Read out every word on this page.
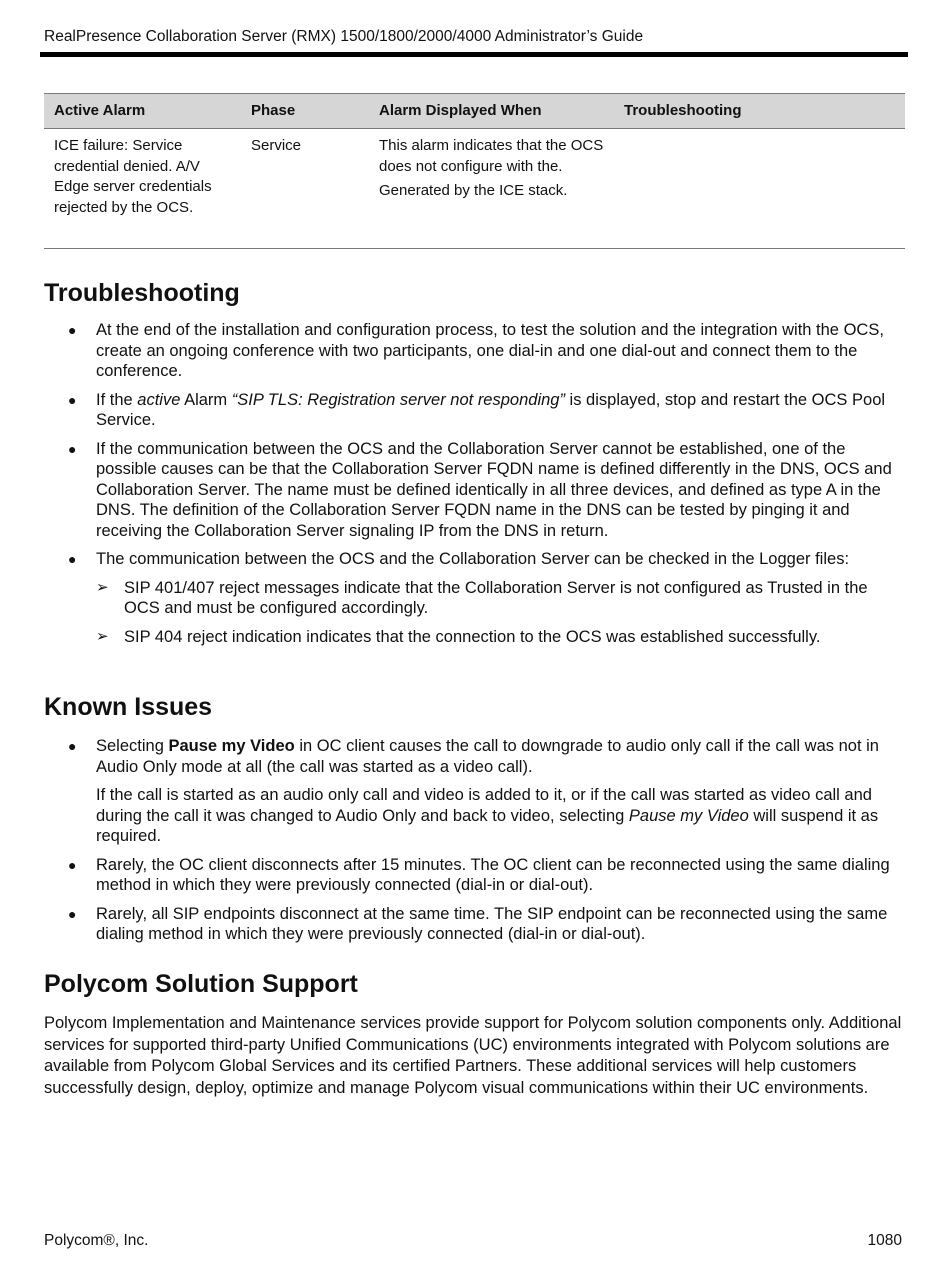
RealPresence Collaboration Server (RMX) 1500/1800/2000/4000 Administrator’s Guide
Active Alarm	Phase	Alarm Displayed When	Troubleshooting
ICE failure: Service credential denied. A/V Edge server credentials rejected by the OCS.	Service	This alarm indicates that the OCS does not configure with the.

Generated by the ICE stack.	

Troubleshooting
● At the end of the installation and configuration process, to test the solution and the integration with the OCS, create an ongoing conference with two participants, one dial-in and one dial-out and connect them to the conference.
● If the active Alarm “SIP TLS: Registration server not responding” is displayed, stop and restart the OCS Pool Service.
● If the communication between the OCS and the Collaboration Server cannot be established, one of the possible causes can be that the Collaboration Server FQDN name is defined differently in the DNS, OCS and Collaboration Server. The name must be defined identically in all three devices, and defined as type A in the DNS. The definition of the Collaboration Server FQDN name in the DNS can be tested by pinging it and receiving the Collaboration Server signaling IP from the DNS in return.
● The communication between the OCS and the Collaboration Server can be checked in the Logger files:
➢ SIP 401/407 reject messages indicate that the Collaboration Server is not configured as Trusted in the OCS and must be configured accordingly.
➢ SIP 404 reject indication indicates that the connection to the OCS was established successfully.
Known Issues
● Selecting Pause my Video in OC client causes the call to downgrade to audio only call if the call was not in Audio Only mode at all (the call was started as a video call).
If the call is started as an audio only call and video is added to it, or if the call was started as video call and during the call it was changed to Audio Only and back to video, selecting Pause my Video will suspend it as required.
● Rarely, the OC client disconnects after 15 minutes. The OC client can be reconnected using the same dialing method in which they were previously connected (dial-in or dial-out).
● Rarely, all SIP endpoints disconnect at the same time. The SIP endpoint can be reconnected using the same dialing method in which they were previously connected (dial-in or dial-out).
Polycom Solution Support

Polycom Implementation and Maintenance services provide support for Polycom solution components only. Additional services for supported third-party Unified Communications (UC) environments integrated with Polycom solutions are available from Polycom Global Services and its certified Partners. These additional services will help customers successfully design, deploy, optimize and manage Polycom visual communications within their UC environments.

Polycom®, Inc.	1080
